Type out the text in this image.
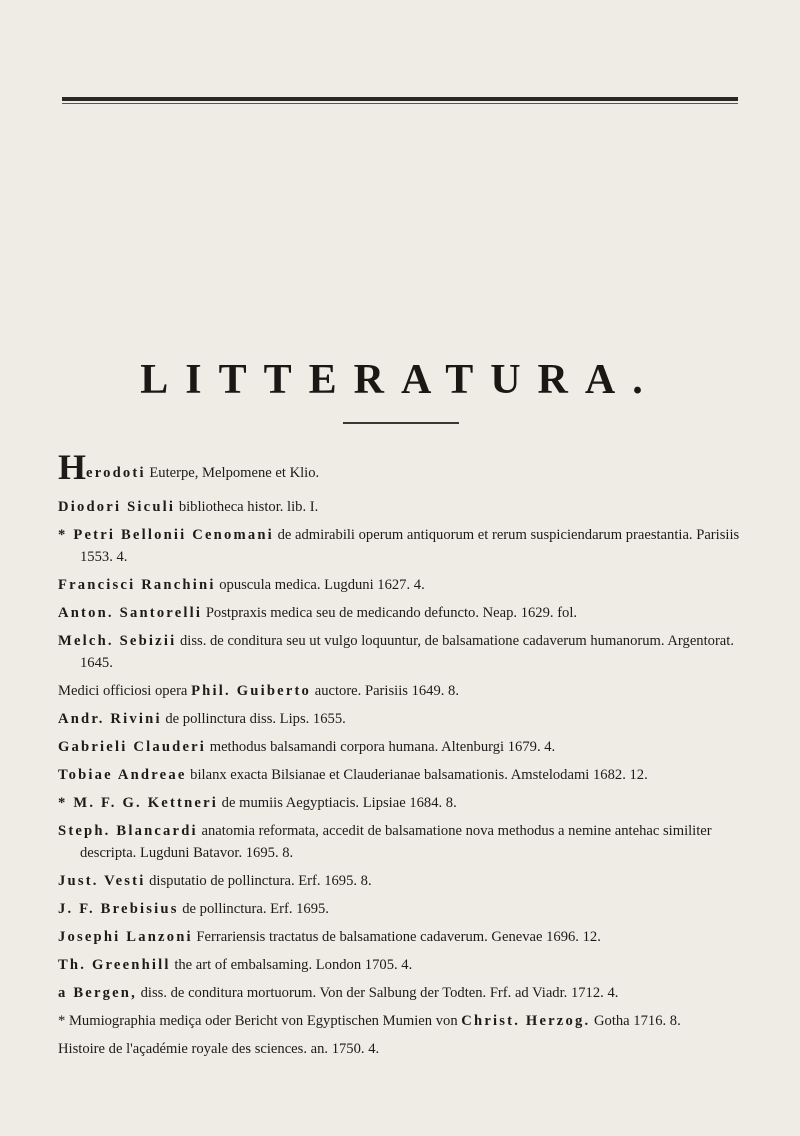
LITTERATURA.
Herodoti Euterpe, Melpomene et Klio.
Diodori Siculi bibliotheca histor. lib. I.
* Petri Bellonii Cenomani de admirabili operum antiquorum et rerum suspiciendarum praestantia. Parisiis 1553. 4.
Francisci Ranchini opuscula medica. Lugduni 1627. 4.
Anton. Santorelli Postpraxis medica seu de medicando defuncto. Neap. 1629. fol.
Melch. Sebizii diss. de conditura seu ut vulgo loquuntur, de balsamatione cadaverum humanorum. Argentorat. 1645.
Medici officiosi opera Phil. Guiberto auctore. Parisiis 1649. 8.
Andr. Rivini de pollinctura diss. Lips. 1655.
Gabrieli Clauderi methodus balsamandi corpora humana. Altenburgi 1679. 4.
Tobiae Andreae bilanx exacta Bilsianae et Clauderianae balsamationis. Amstelodami 1682. 12.
* M. F. G. Kettneri de mumiis Aegyptiacis. Lipsiae 1684. 8.
Steph. Blancardi anatomia reformata, accedit de balsamatione nova methodus a nemine antehac similiter descripta. Lugduni Batavor. 1695. 8.
Just. Vesti disputatio de pollinctura. Erf. 1695. 8.
J. F. Brebisius de pollinctura. Erf. 1695.
Josephi Lanzoni Ferrariensis tractatus de balsamatione cadaverum. Genevae 1696. 12.
Th. Greenhill the art of embalsaming. London 1705. 4.
a Bergen, diss. de conditura mortuorum. Von der Salbung der Todten. Frf. ad Viadr. 1712. 4.
* Mumiographia mediça oder Bericht von Egyptischen Mumien von Christ. Herzog. Gotha 1716. 8.
Histoire de l'açadémie royale des sciences. an. 1750. 4.
